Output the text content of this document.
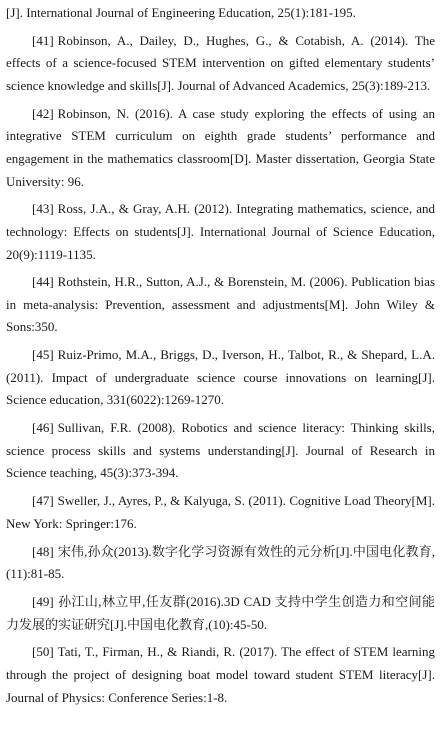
[J]. International Journal of Engineering Education, 25(1):181-195.

[41] Robinson, A., Dailey, D., Hughes, G., & Cotabish, A. (2014). The effects of a science-focused STEM intervention on gifted elementary students’ science knowledge and skills[J]. Journal of Advanced Academics, 25(3):189-213.

[42] Robinson, N. (2016). A case study exploring the effects of using an integrative STEM curriculum on eighth grade students’ performance and engagement in the mathematics classroom[D]. Master dissertation, Georgia State University: 96.

[43] Ross, J.A., & Gray, A.H. (2012). Integrating mathematics, science, and technology: Effects on students[J]. International Journal of Science Education, 20(9):1119-1135.

[44] Rothstein, H.R., Sutton, A.J., & Borenstein, M. (2006). Publication bias in meta-analysis: Prevention, assessment and adjustments[M]. John Wiley & Sons:350.

[45] Ruiz-Primo, M.A., Briggs, D., Iverson, H., Talbot, R., & Shepard, L.A. (2011). Impact of undergraduate science course innovations on learning[J]. Science education, 331(6022):1269-1270.

[46] Sullivan, F.R. (2008). Robotics and science literacy: Thinking skills, science process skills and systems understanding[J]. Journal of Research in Science teaching, 45(3):373-394.

[47] Sweller, J., Ayres, P., & Kalyuga, S. (2011). Cognitive Load Theory[M]. New York: Springer:176.

[48] 宋伟,孙众(2013).数字化学习资源有效性的元分析[J].中国电化教育,(11):81-85.

[49] 孙江山,林立甲,任友群(2016).3D CAD 支持中学生创造力和空间能力发展的实证研究[J].中国电化教育,(10):45-50.

[50] Tati, T., Firman, H., & Riandi, R. (2017). The effect of STEM learning through the project of designing boat model toward student STEM literacy[J]. Journal of Physics: Conference Series:1-8.
